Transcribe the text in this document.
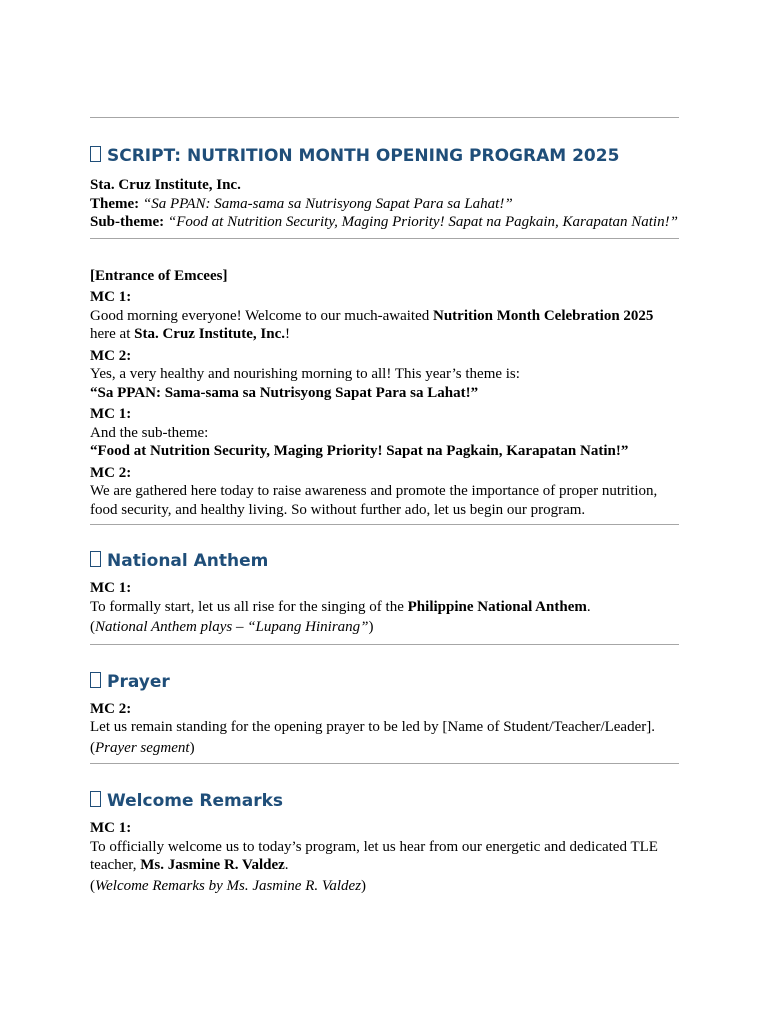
SCRIPT: NUTRITION MONTH OPENING PROGRAM 2025

Sta. Cruz Institute, Inc.

Theme: “Sa PPAN: Sama-sama sa Nutrisyong Sapat Para sa Lahat!”

Sub-theme: “Food at Nutrition Security, Maging Priority! Sapat na Pagkain, Karapatan Natin!”

[Entrance of Emcees]

MC 1:

Good morning everyone! Welcome to our much-awaited Nutrition Month Celebration 2025 here at Sta. Cruz Institute, Inc.!

MC 2:

Yes, a very healthy and nourishing morning to all! This year’s theme is:

“Sa PPAN: Sama-sama sa Nutrisyong Sapat Para sa Lahat!”

MC 1:

And the sub-theme:

“Food at Nutrition Security, Maging Priority! Sapat na Pagkain, Karapatan Natin!”

MC 2:

We are gathered here today to raise awareness and promote the importance of proper nutrition, food security, and healthy living. So without further ado, let us begin our program.

National Anthem

MC 1:

To formally start, let us all rise for the singing of the Philippine National Anthem.

(National Anthem plays – “Lupang Hinirang”)

Prayer

MC 2:

Let us remain standing for the opening prayer to be led by [Name of Student/Teacher/Leader].

(Prayer segment)

Welcome Remarks

MC 1:

To officially welcome us to today’s program, let us hear from our energetic and dedicated TLE teacher, Ms. Jasmine R. Valdez.

(Welcome Remarks by Ms. Jasmine R. Valdez)
